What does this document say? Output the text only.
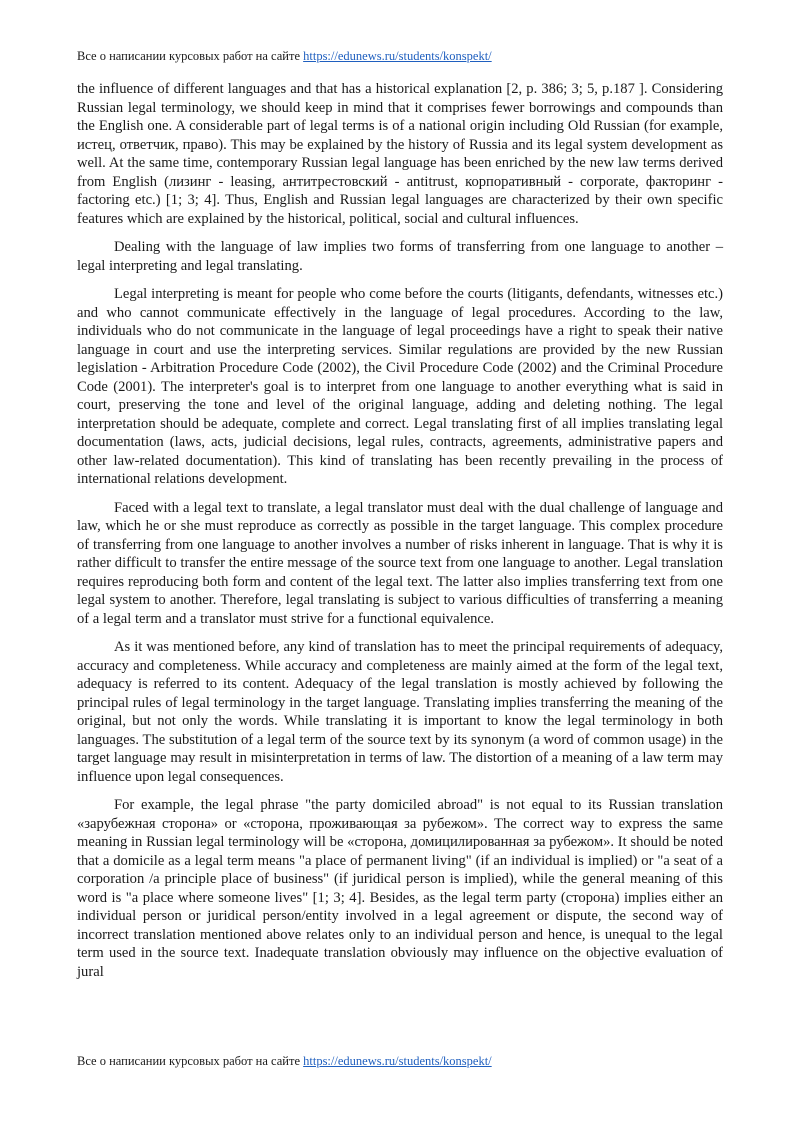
Все о написании курсовых работ на сайте https://edunews.ru/students/konspekt/

the influence of different languages and that has a historical explanation [2, p. 386; 3; 5, p.187 ]. Considering Russian legal terminology, we should keep in mind that it comprises fewer borrowings and compounds than the English one. A considerable part of legal terms is of a national origin including Old Russian (for example, истец, ответчик, право). This may be explained by the history of Russia and its legal system development as well. At the same time, contemporary Russian legal language has been enriched by the new law terms derived from English (лизинг - leasing, антитрестовский - antitrust, корпоративный - corporate, факторинг - factoring etc.) [1; 3; 4]. Thus, English and Russian legal languages are characterized by their own specific features which are explained by the historical, political, social and cultural influences.

Dealing with the language of law implies two forms of transferring from one language to another – legal interpreting and legal translating.

Legal interpreting is meant for people who come before the courts (litigants, defendants, witnesses etc.) and who cannot communicate effectively in the language of legal procedures. According to the law, individuals who do not communicate in the language of legal proceedings have a right to speak their native language in court and use the interpreting services. Similar regulations are provided by the new Russian legislation - Arbitration Procedure Code (2002), the Civil Procedure Code (2002) and the Criminal Procedure Code (2001). The interpreter's goal is to interpret from one language to another everything what is said in court, preserving the tone and level of the original language, adding and deleting nothing. The legal interpretation should be adequate, complete and correct. Legal translating first of all implies translating legal documentation (laws, acts, judicial decisions, legal rules, contracts, agreements, administrative papers and other law-related documentation). This kind of translating has been recently prevailing in the process of international relations development.

Faced with a legal text to translate, a legal translator must deal with the dual challenge of language and law, which he or she must reproduce as correctly as possible in the target language. This complex procedure of transferring from one language to another involves a number of risks inherent in language. That is why it is rather difficult to transfer the entire message of the source text from one language to another. Legal translation requires reproducing both form and content of the legal text. The latter also implies transferring text from one legal system to another. Therefore, legal translating is subject to various difficulties of transferring a meaning of a legal term and a translator must strive for a functional equivalence.

As it was mentioned before, any kind of translation has to meet the principal requirements of adequacy, accuracy and completeness. While accuracy and completeness are mainly aimed at the form of the legal text, adequacy is referred to its content. Adequacy of the legal translation is mostly achieved by following the principal rules of legal terminology in the target language. Translating implies transferring the meaning of the original, but not only the words. While translating it is important to know the legal terminology in both languages. The substitution of a legal term of the source text by its synonym (a word of common usage) in the target language may result in misinterpretation in terms of law. The distortion of a meaning of a law term may influence upon legal consequences.

For example, the legal phrase "the party domiciled abroad" is not equal to its Russian translation «зарубежная сторона» or «сторона, проживающая за рубежом». The correct way to express the same meaning in Russian legal terminology will be «сторона, домицилированная за рубежом». It should be noted that a domicile as a legal term means "a place of permanent living" (if an individual is implied) or "a seat of a corporation /a principle place of business" (if juridical person is implied), while the general meaning of this word is "a place where someone lives" [1; 3; 4]. Besides, as the legal term party (сторона) implies either an individual person or juridical person/entity involved in a legal agreement or dispute, the second way of incorrect translation mentioned above relates only to an individual person and hence, is unequal to the legal term used in the source text. Inadequate translation obviously may influence on the objective evaluation of jural

Все о написании курсовых работ на сайте https://edunews.ru/students/konspekt/
